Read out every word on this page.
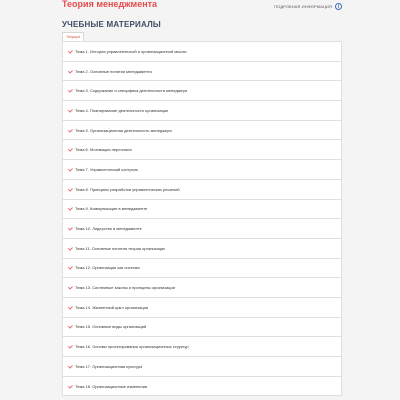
Теория менеджмента	ПОДРОБНАЯ ИНФОРМАЦИЯ	i
УЧЕБНЫЕ МАТЕРИАЛЫ
Текущие
Тема 1. История управленческой и организационной мысли
Тема 2. Основные понятия менеджмента
Тема 3. Содержание и специфика деятельности менеджера
Тема 4. Планирование деятельности организации
Тема 5. Организационная деятельность менеджера
Тема 6. Мотивация персонала
Тема 7. Управленческий контроль
Тема 8. Принципы разработки управленческих решений
Тема 9. Коммуникации в менеджменте
Тема 10. Лидерство в менеджменте
Тема 11. Основные понятия теории организации
Тема 12. Организация как система
Тема 13. Системные законы и принципы организации
Тема 14. Жизненный цикл организации
Тема 15. Основные виды организаций
Тема 16. Основы проектирования организационных структур
Тема 17. Организационная культура
Тема 18. Организационные изменения
